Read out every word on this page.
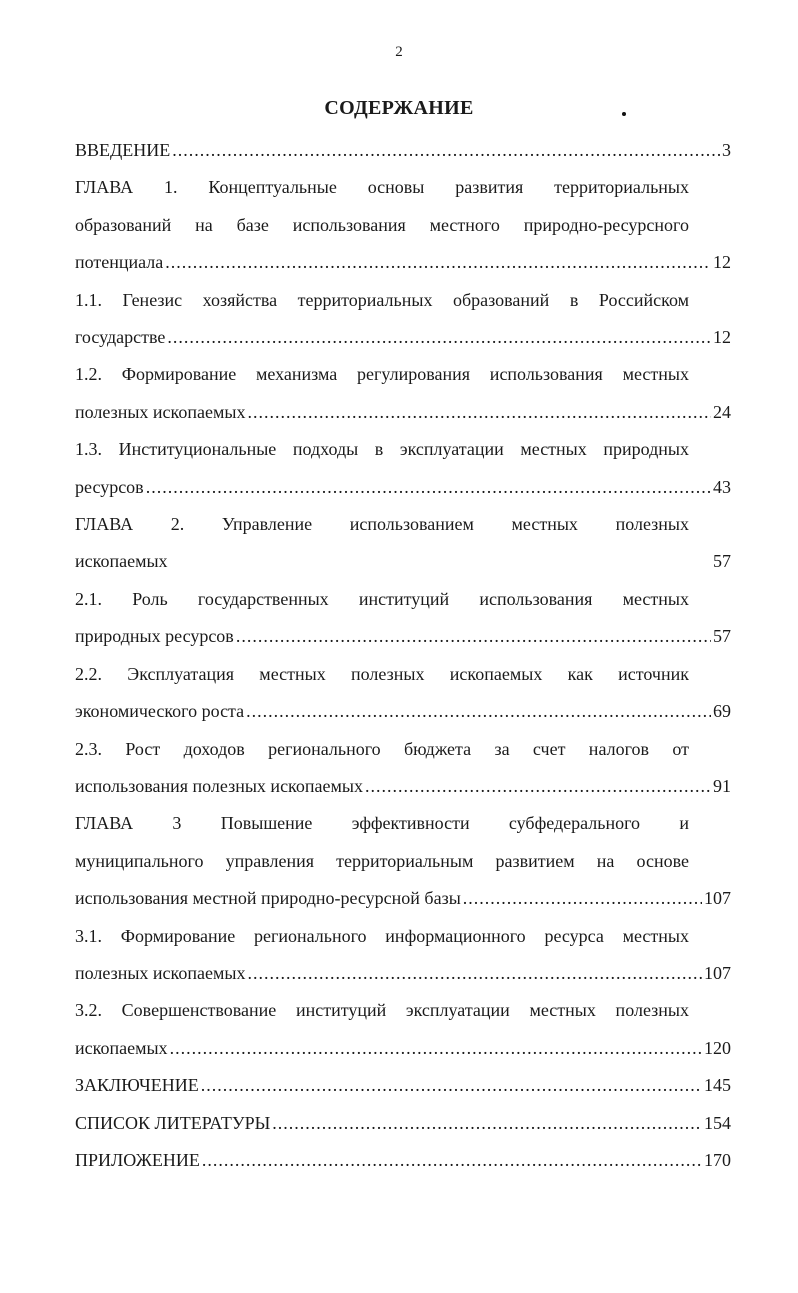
2
СОДЕРЖАНИЕ
ВВЕДЕНИЕ .....	3
ГЛАВА 1. Концептуальные основы развития территориальных
образований на базе использования местного природно-ресурсного
потенциала .....	12
1.1. Генезис хозяйства территориальных образований в Российском
государстве .....	12
1.2. Формирование механизма регулирования использования местных
полезных ископаемых .....	24
1.3. Институциональные подходы в эксплуатации местных природных
ресурсов .....	43
ГЛАВА 2. Управление использованием местных полезных
ископаемых	57
2.1. Роль государственных институций использования местных
природных ресурсов .....	57
2.2. Эксплуатация местных полезных ископаемых как источник
экономического роста .....	69
2.3. Рост доходов регионального бюджета за счет налогов от
использования полезных ископаемых .....	91
ГЛАВА 3 Повышение эффективности субфедерального и
муниципального управления территориальным развитием на основе
использования местной природно-ресурсной базы .....	107
3.1. Формирование регионального информационного ресурса местных
полезных ископаемых .....	107
3.2. Совершенствование институций эксплуатации местных полезных
ископаемых .....	120
ЗАКЛЮЧЕНИЕ .....	145
СПИСОК ЛИТЕРАТУРЫ .....	154
ПРИЛОЖЕНИЕ .....	170
